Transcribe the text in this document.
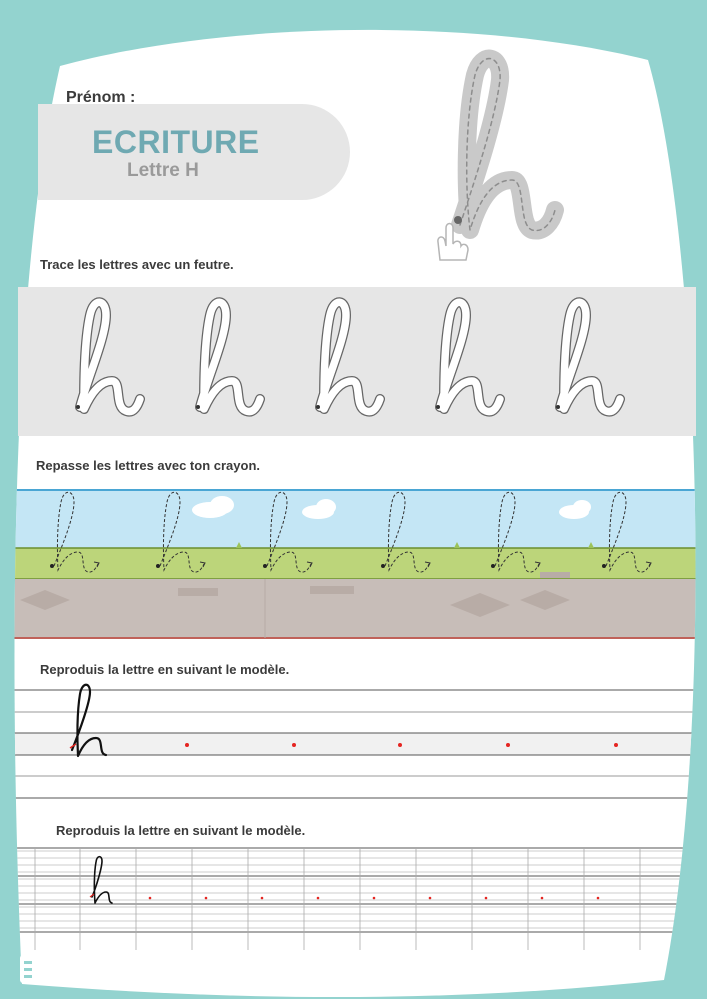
Prénom :
ECRITURE
Lettre H
Trace les lettres avec un feutre.
Repasse les lettres avec ton crayon.
Reproduis la lettre en suivant le modèle.
Reproduis la lettre en suivant le modèle.
mon
ecole .fr
